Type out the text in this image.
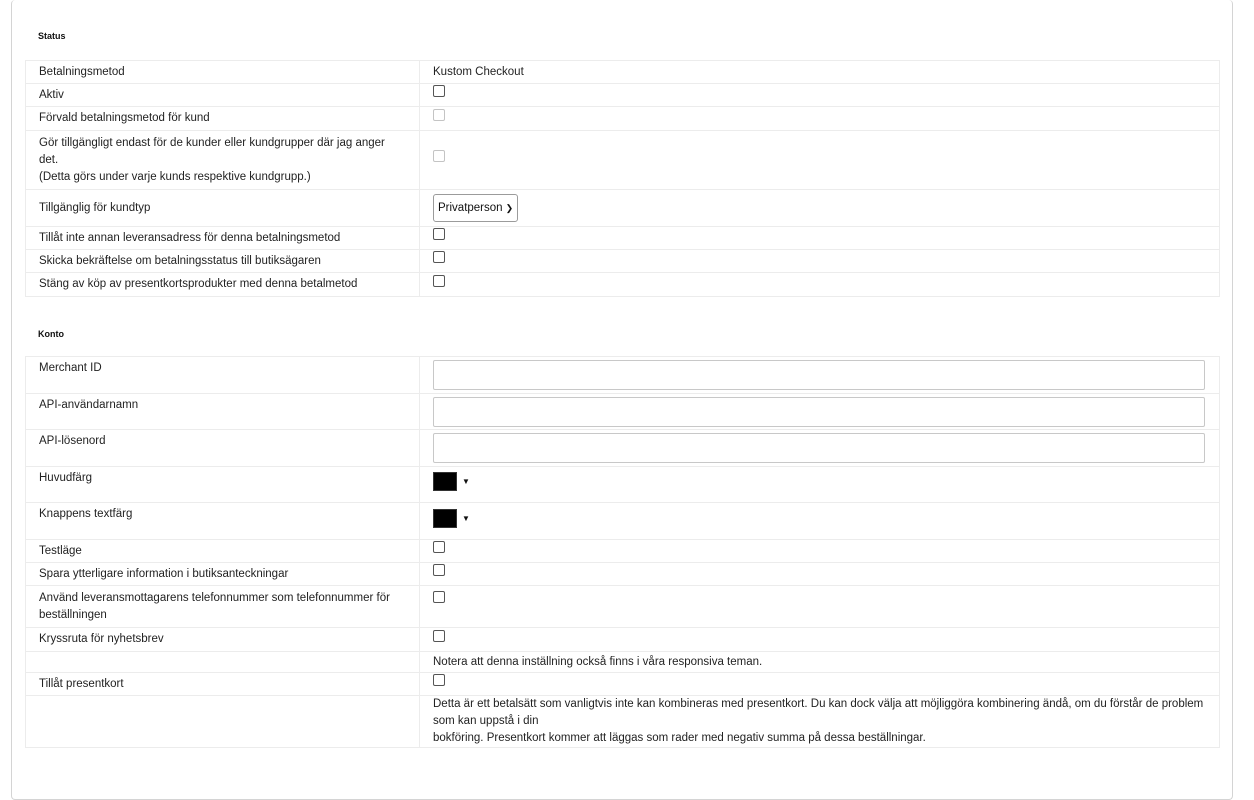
Status
Betalningsmetod	Kustom Checkout
Aktiv	
Förvald betalningsmetod för kund	

Gör tillgängligt endast för de kunder eller kundgrupper där jag anger
det.
(Detta görs under varje kunds respektive kundgrupp.)	

Tillgänglig för kundtyp	Privatperson ❯

Tillåt inte annan leveransadress för denna betalningsmetod	
Skicka bekräftelse om betalningsstatus till butiksägaren	
Stäng av köp av presentkortsprodukter med denna betalmetod	
Konto
Merchant ID	

API-användarnamn	

API-lösenord	

Huvudfärg	▼

Knappens textfärg	▼

Testläge	
Spara ytterligare information i butiksanteckningar	

Använd leveransmottagarens telefonnummer som telefonnummer för
beställningen	

Kryssruta för nyhetsbrev	
	Notera att denna inställning också finns i våra responsiva teman.
Tillåt presentkort	

	Detta är ett betalsätt som vanligtvis inte kan kombineras med presentkort. Du kan dock välja att möjliggöra kombinering ändå, om du förstår de problem som kan uppstå i din
bokföring. Presentkort kommer att läggas som rader med negativ summa på dessa beställningar.
